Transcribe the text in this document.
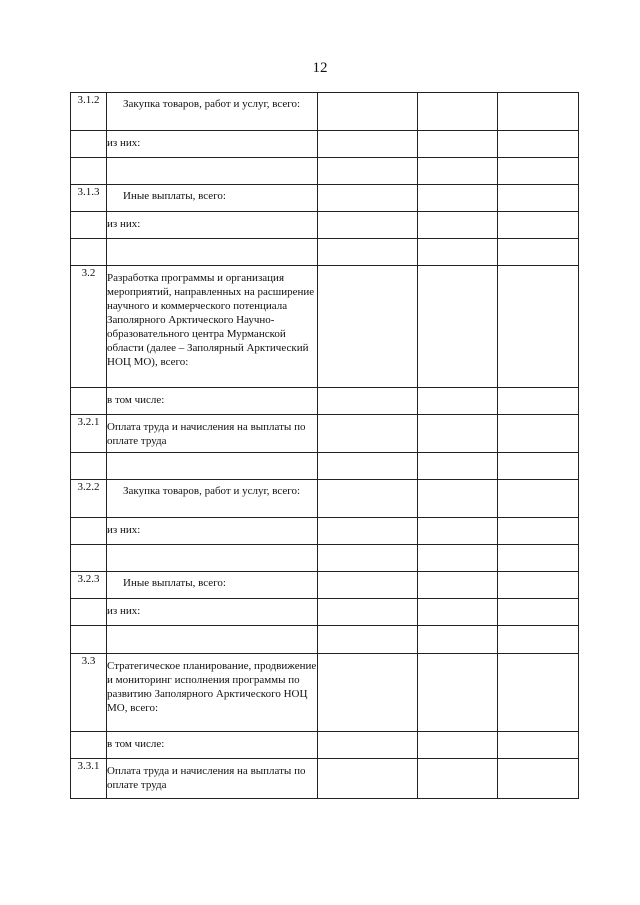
12
3.1.2	Закупка товаров, работ и услуг, всего:			
	из них:			

3.1.3	Иные выплаты, всего:			
	из них:			

3.2	Разработка программы и организация мероприятий, направленных на расширение научного и коммерческого потенциала Заполярного Арктического Научно-образовательного центра Мурманской области (далее – Заполярный Арктический НОЦ МО), всего:			
	в том числе:			
3.2.1	Оплата труда и начисления на выплаты по оплате труда			

3.2.2	Закупка товаров, работ и услуг, всего:			
	из них:			

3.2.3	Иные выплаты, всего:			
	из них:			

3.3	Стратегическое планирование, продвижение и мониторинг исполнения программы по развитию Заполярного Арктического НОЦ МО, всего:			
	в том числе:			
3.3.1	Оплата труда и начисления на выплаты по оплате труда			
